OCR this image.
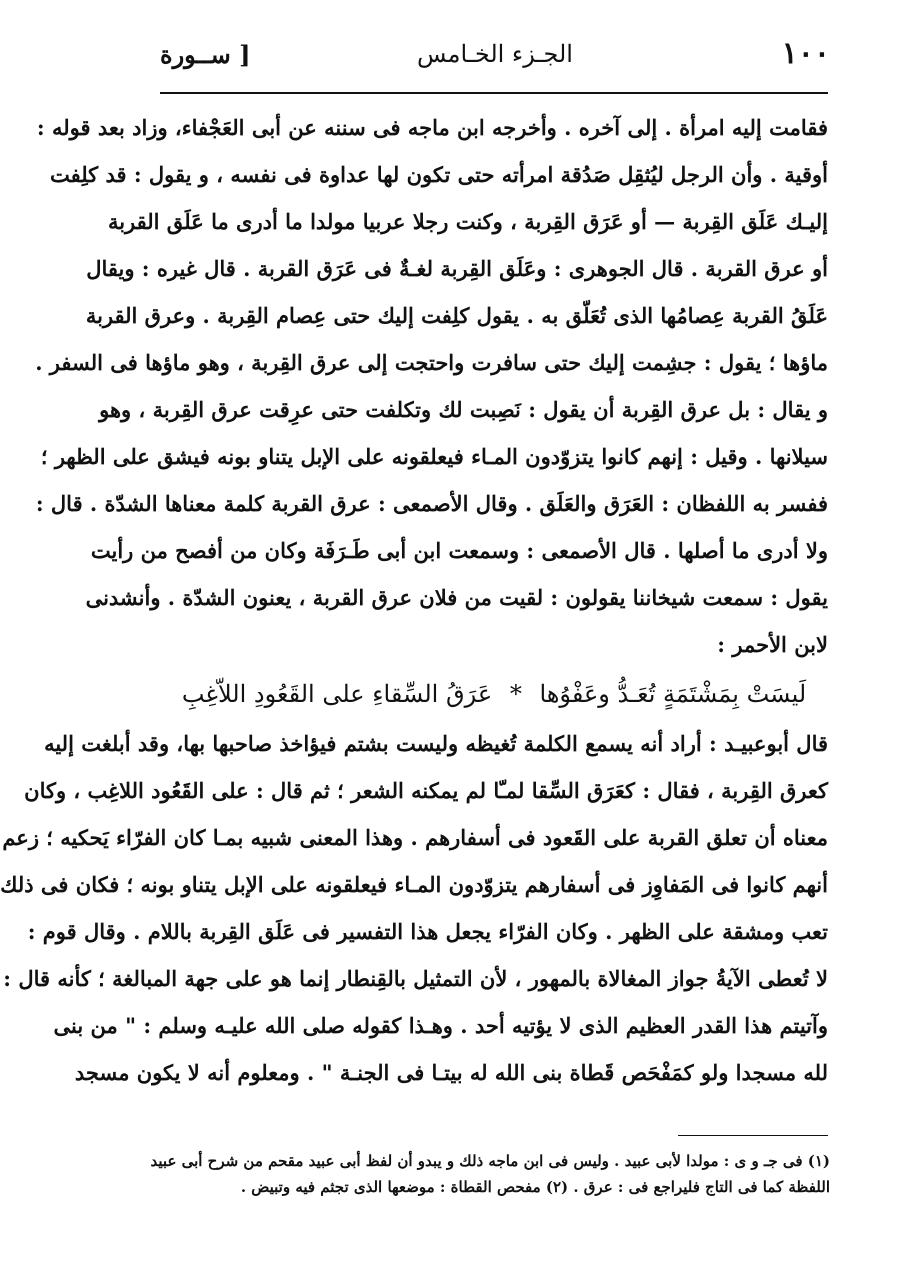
١٠٠
الجـزء الخـامس
[ ســورة
فقامت إليه امرأة . إلى آخره . وأخرجه ابن ماجه فى سننه عن أبى العَجْفاء، وزاد بعد قوله :
أوقية . وأن الرجل ليُثقِل صَدُقة امرأته حتى تكون لها عداوة فى نفسه ، و يقول : قد كلِفت
إليـك عَلَق القِربة — أو عَرَق القِربة ، وكنت رجلا عربيا مولدا ما أدرى ما عَلَق القربة
أو عرق القربة . قال الجوهرى : وعَلَق القِربة لغـةٌ فى عَرَق القربة . قال غيره : ويقال
عَلَقُ القربة عِصامُها الذى تُعَلّق به . يقول كلِفت إليك حتى عِصام القِربة . وعرق القربة
ماؤها ؛ يقول : جشِمت إليك حتى سافرت واحتجت إلى عرق القِربة ، وهو ماؤها فى السفر .
و يقال : بل عرق القِربة أن يقول : نَصِبت لك وتكلفت حتى عرِقت عرق القِربة ، وهو
سيلانها . وقيل : إنهم كانوا يتزوّدون المـاء فيعلقونه على الإبل يتناو بونه فيشق على الظهر ؛
ففسر به اللفظان : العَرَق والعَلَق . وقال الأصمعى : عرق القربة كلمة معناها الشدّة . قال :
ولا أدرى ما أصلها . قال الأصمعى : وسمعت ابن أبى طَـرَفَة وكان من أفصح من رأيت
يقول : سمعت شيخاننا يقولون : لقيت من فلان عرق القربة ، يعنون الشدّة . وأنشدنى
لابن الأحمر :
لَيسَتْ بِمَشْتَمَةٍ تُعَـدُّ وعَفْوُها * عَرَقُ السِّقاءِ على القَعُودِ اللاّغِبِ
قال أبوعبيـد : أراد أنه يسمع الكلمة تُغيظه وليست بشتم فيؤاخذ صاحبها بها، وقد أبلغت إليه
كعرق القِربة ، فقال : كعَرَق السِّقا لمـّا لم يمكنه الشعر ؛ ثم قال : على القَعُود اللاغِب ، وكان
معناه أن تعلق القربة على القَعود فى أسفارهم . وهذا المعنى شبيه بمـا كان الفرّاء يَحكيه ؛ زعم
أنهم كانوا فى المَفاوِز فى أسفارهم يتزوّدون المـاء فيعلقونه على الإبل يتناو بونه ؛ فكان فى ذلك
تعب ومشقة على الظهر . وكان الفرّاء يجعل هذا التفسير فى عَلَق القِربة باللام . وقال قوم :
لا تُعطى الآيةُ جواز المغالاة بالمهور ، لأن التمثيل بالقِنطار إنما هو على جهة المبالغة ؛ كأنه قال :
وآتيتم هذا القدر العظيم الذى لا يؤتيه أحد . وهـذا كقوله صلى الله عليـه وسلم : " من بنى
لله مسجدا ولو كمَفْحَص قَطاة بنى الله له بيتـا فى الجنـة " . ومعلوم أنه لا يكون مسجد
(١) فى جـ و ى : مولدا لأبى عبيد . وليس فى ابن ماجه ذلك و يبدو أن لفظ أبى عبيد مقحم من شرح أبى عبيد
اللفظة كما فى التاج فليراجع فى : عرق . (٢) مفحص القطاة : موضعها الذى تجثم فيه وتبيض .
